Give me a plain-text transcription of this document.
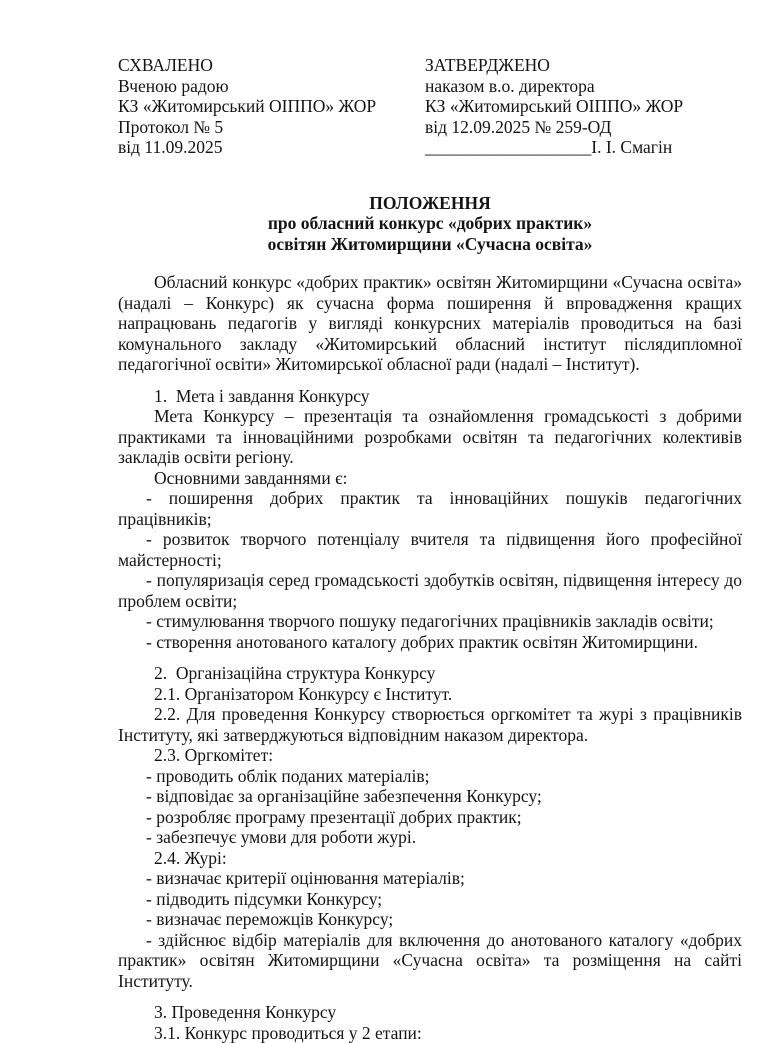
СХВАЛЕНО
Вченою радою
КЗ «Житомирський ОІППО» ЖОР
Протокол № 5
від 11.09.2025
ЗАТВЕРДЖЕНО
наказом в.о. директора
КЗ «Житомирський ОІППО» ЖОР
від 12.09.2025 № 259-ОД
___________________І. І. Смагін
ПОЛОЖЕННЯ
про обласний конкурс «добрих практик»
освітян Житомирщини «Сучасна освіта»

Обласний конкурс «добрих практик» освітян Житомирщини «Сучасна освіта» (надалі – Конкурс) як сучасна форма поширення й впровадження кращих напрацювань педагогів у вигляді конкурсних матеріалів проводиться на базі комунального закладу «Житомирський обласний інститут післядипломної педагогічної освіти» Житомирської обласної ради (надалі – Інститут).

1.  Мета і завдання Конкурсу

Мета Конкурсу – презентація та ознайомлення громадськості з добрими практиками та інноваційними розробками освітян та педагогічних колективів закладів освіти регіону.

Основними завданнями є:

- поширення добрих практик та інноваційних пошуків педагогічних працівників;

- розвиток творчого потенціалу вчителя та підвищення його професійної майстерності;

- популяризація серед громадськості здобутків освітян, підвищення інтересу до проблем освіти;

- стимулювання творчого пошуку педагогічних працівників закладів освіти;

- створення анотованого каталогу добрих практик освітян Житомирщини.

2.  Організаційна структура Конкурсу

2.1. Організатором Конкурсу є Інститут.

2.2. Для проведення Конкурсу створюється оргкомітет та журі з працівників Інституту, які затверджуються відповідним наказом директора.

2.3. Оргкомітет:

- проводить облік поданих матеріалів;

- відповідає за організаційне забезпечення Конкурсу;

- розробляє програму презентації добрих практик;

- забезпечує умови для роботи журі.

2.4. Журі:

- визначає критерії оцінювання матеріалів;

- підводить підсумки Конкурсу;

- визначає переможців Конкурсу;

- здійснює відбір матеріалів для включення до анотованого каталогу «добрих практик» освітян Житомирщини «Сучасна освіта» та розміщення на сайті Інституту.

3. Проведення Конкурсу

3.1. Конкурс проводиться у 2 етапи:
